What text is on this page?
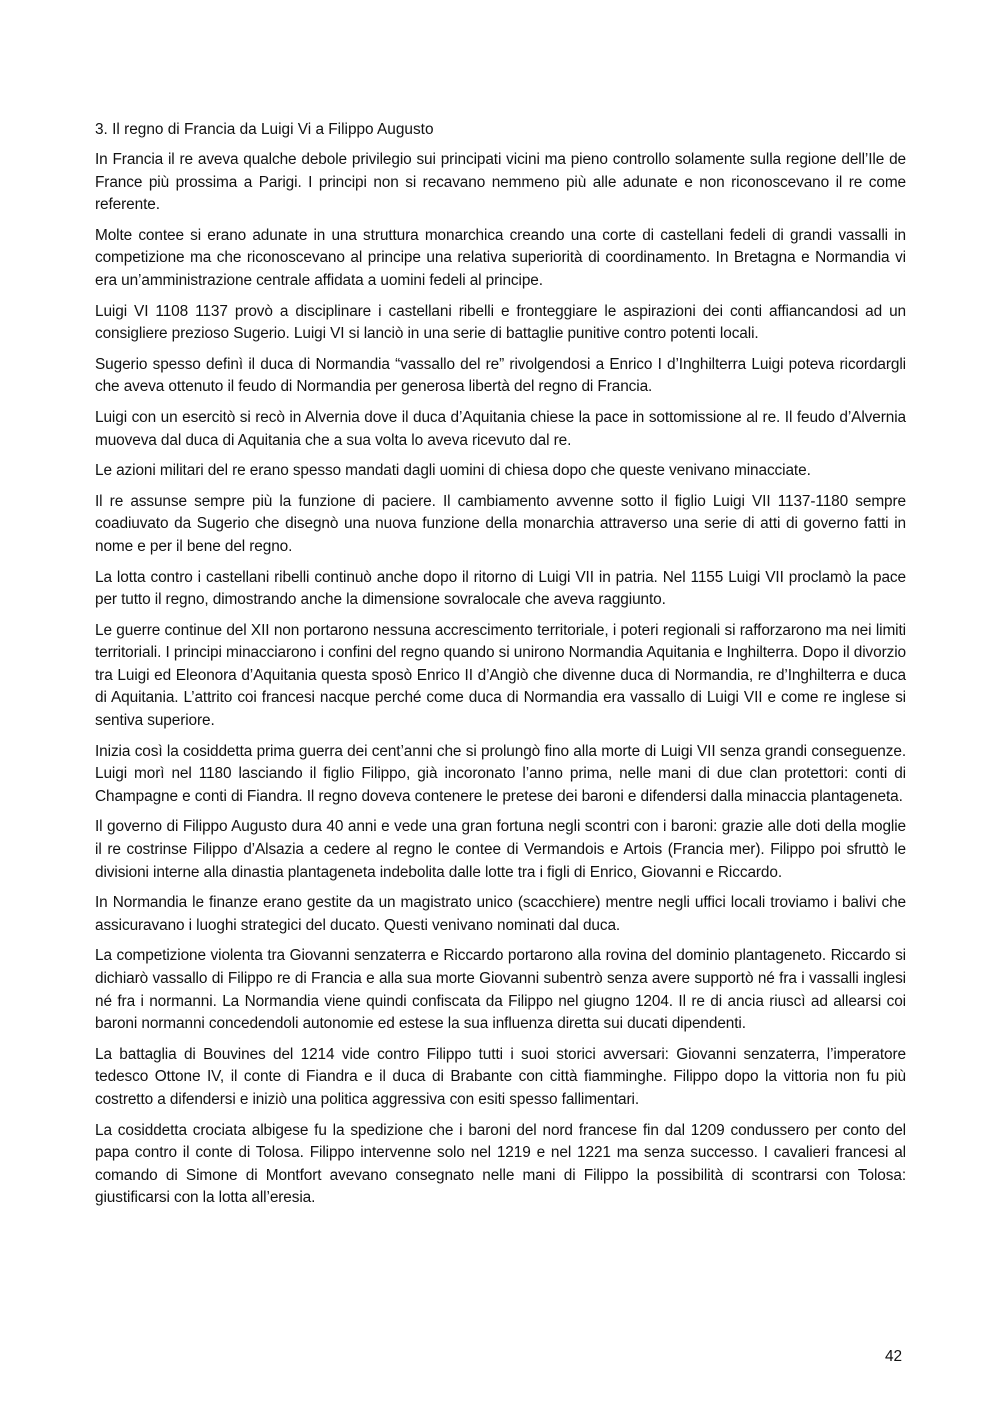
3. Il regno di Francia da Luigi Vi a Filippo Augusto

In Francia il re aveva qualche debole privilegio sui principati vicini ma pieno controllo solamente sulla regione dell’Ile de France più prossima a Parigi. I principi non si recavano nemmeno più alle adunate e non riconoscevano il re come referente.

Molte contee si erano adunate in una struttura monarchica creando una corte di castellani fedeli di grandi vassalli in competizione ma che riconoscevano al principe una relativa superiorità di coordinamento. In Bretagna e Normandia vi era un’amministrazione centrale affidata a uomini fedeli al principe.

Luigi VI 1108 1137 provò a disciplinare i castellani ribelli e fronteggiare le aspirazioni dei conti affiancandosi ad un consigliere prezioso Sugerio. Luigi VI si lanciò in una serie di battaglie punitive contro potenti locali.

Sugerio spesso definì il duca di Normandia “vassallo del re” rivolgendosi a Enrico I d’Inghilterra Luigi poteva ricordargli che aveva ottenuto il feudo di Normandia per generosa libertà del regno di Francia.

Luigi con un esercitò si recò in Alvernia dove il duca d’Aquitania chiese la pace in sottomissione al re. Il feudo d’Alvernia muoveva dal duca di Aquitania che a sua volta lo aveva ricevuto dal re.

Le azioni militari del re erano spesso mandati dagli uomini di chiesa dopo che queste venivano minacciate.

Il re assunse sempre più la funzione di paciere. Il cambiamento avvenne sotto il figlio Luigi VII 1137-1180 sempre coadiuvato da Sugerio che disegnò una nuova funzione della monarchia attraverso una serie di atti di governo fatti in nome e per il bene del regno.

La lotta contro i castellani ribelli continuò anche dopo il ritorno di Luigi VII in patria. Nel 1155 Luigi VII proclamò la pace per tutto il regno, dimostrando anche la dimensione sovralocale che aveva raggiunto.

Le guerre continue del XII non portarono nessuna accrescimento territoriale, i poteri regionali si rafforzarono ma nei limiti territoriali. I principi minacciarono i confini del regno quando si unirono Normandia Aquitania e Inghilterra. Dopo il divorzio tra Luigi ed Eleonora d’Aquitania questa sposò Enrico II d’Angiò che divenne duca di Normandia, re d’Inghilterra e duca di Aquitania. L’attrito coi francesi nacque perché come duca di Normandia era vassallo di Luigi VII e come re inglese si sentiva superiore.

Inizia così la cosiddetta prima guerra dei cent’anni che si prolungò fino alla morte di Luigi VII senza grandi conseguenze. Luigi morì nel 1180 lasciando il figlio Filippo, già incoronato l’anno prima, nelle mani di due clan protettori: conti di Champagne e conti di Fiandra. Il regno doveva contenere le pretese dei baroni e difendersi dalla minaccia plantageneta.

Il governo di Filippo Augusto dura 40 anni e vede una gran fortuna negli scontri con i baroni: grazie alle doti della moglie il re costrinse Filippo d’Alsazia a cedere al regno le contee di Vermandois e Artois (Francia mer). Filippo poi sfruttò le divisioni interne alla dinastia plantageneta indebolita dalle lotte tra i figli di Enrico, Giovanni e Riccardo.

In Normandia le finanze erano gestite da un magistrato unico (scacchiere) mentre negli uffici locali troviamo i balivi che assicuravano i luoghi strategici del ducato. Questi venivano nominati dal duca.

La competizione violenta tra Giovanni senzaterra e Riccardo portarono alla rovina del dominio plantageneto. Riccardo si dichiarò vassallo di Filippo re di Francia e alla sua morte Giovanni subentrò senza avere supportò né fra i vassalli inglesi né fra i normanni. La Normandia viene quindi confiscata da Filippo nel giugno 1204. Il re di ancia riuscì ad allearsi coi baroni normanni concedendoli autonomie ed estese la sua influenza diretta sui ducati dipendenti.

La battaglia di Bouvines del 1214 vide contro Filippo tutti i suoi storici avversari: Giovanni senzaterra, l’imperatore tedesco Ottone IV, il conte di Fiandra e il duca di Brabante con città fiamminghe. Filippo dopo la vittoria non fu più costretto a difendersi e iniziò una politica aggressiva con esiti spesso fallimentari.

La cosiddetta crociata albigese fu la spedizione che i baroni del nord francese fin dal 1209 condussero per conto del papa contro il conte di Tolosa. Filippo intervenne solo nel 1219 e nel 1221 ma senza successo. I cavalieri francesi al comando di Simone di Montfort avevano consegnato nelle mani di Filippo la possibilità di scontrarsi con Tolosa: giustificarsi con la lotta all’eresia.

42
